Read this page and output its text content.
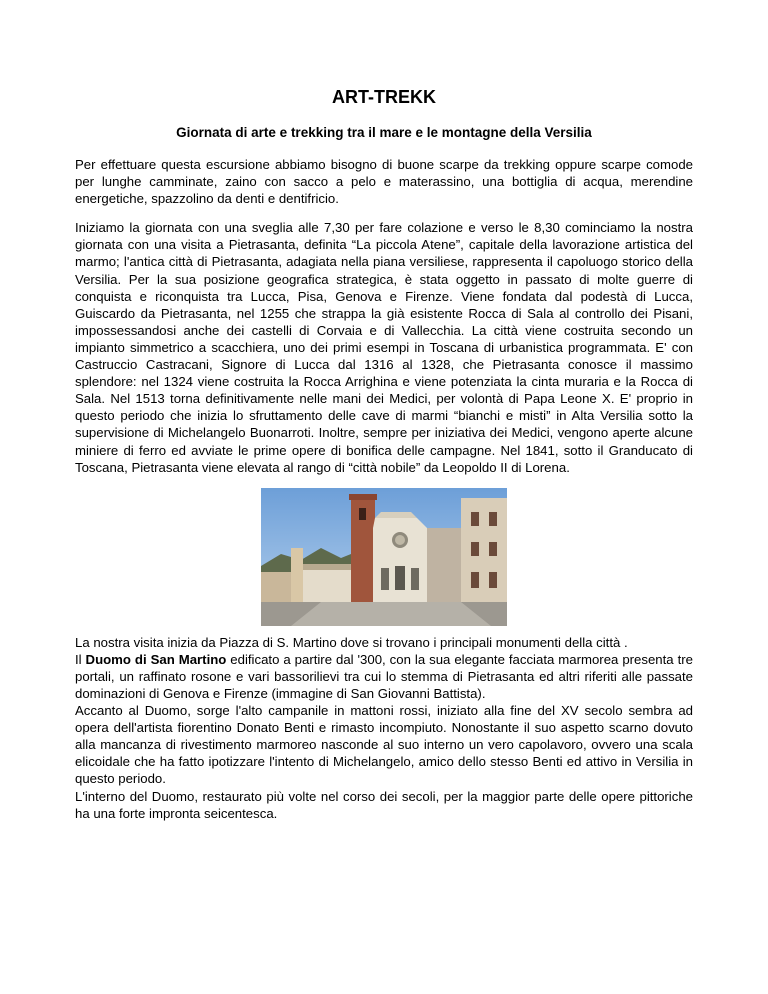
ART-TREKK
Giornata di arte e trekking tra il mare e le montagne della Versilia

Per effettuare questa escursione abbiamo bisogno di buone scarpe da trekking oppure scarpe comode per lunghe camminate, zaino con sacco a pelo e materassino, una bottiglia di acqua, merendine energetiche, spazzolino da denti e dentifricio.

Iniziamo la giornata con una sveglia alle 7,30 per fare colazione e verso le 8,30 cominciamo la nostra giornata con una visita a Pietrasanta, definita “La piccola Atene”, capitale della lavorazione artistica del marmo; l'antica città di Pietrasanta, adagiata nella piana versiliese, rappresenta il capoluogo storico della Versilia. Per la sua posizione geografica strategica, è stata oggetto in passato di molte guerre di conquista e riconquista tra Lucca, Pisa, Genova e Firenze. Viene fondata dal podestà di Lucca, Guiscardo da Pietrasanta, nel 1255 che strappa la già esistente Rocca di Sala al controllo dei Pisani, impossessandosi anche dei castelli di Corvaia e di Vallecchia. La città viene costruita secondo un impianto simmetrico a scacchiera, uno dei primi esempi in Toscana di urbanistica programmata. E' con Castruccio Castracani, Signore di Lucca dal 1316 al 1328, che Pietrasanta conosce il massimo splendore: nel 1324 viene costruita la Rocca Arrighina e viene potenziata la cinta muraria e la Rocca di Sala. Nel 1513 torna definitivamente nelle mani dei Medici, per volontà di Papa Leone X. E' proprio in questo periodo che inizia lo sfruttamento delle cave di marmi “bianchi e misti” in Alta Versilia sotto la supervisione di Michelangelo Buonarroti. Inoltre, sempre per iniziativa dei Medici, vengono aperte alcune miniere di ferro ed avviate le prime opere di bonifica delle campagne. Nel 1841, sotto il Granducato di Toscana, Pietrasanta viene elevata al rango di “città nobile” da Leopoldo II di Lorena.

La nostra visita inizia da Piazza di S. Martino dove si trovano i principali monumenti della città .

Il Duomo di San Martino edificato a partire dal '300, con la sua elegante facciata marmorea presenta tre portali, un raffinato rosone e vari bassorilievi tra cui lo stemma di Pietrasanta ed altri riferiti alle passate dominazioni di Genova e Firenze (immagine di San Giovanni Battista).

Accanto al Duomo, sorge l'alto campanile in mattoni rossi, iniziato alla fine del XV secolo sembra ad opera dell'artista fiorentino Donato Benti e rimasto incompiuto. Nonostante il suo aspetto scarno dovuto alla mancanza di rivestimento marmoreo nasconde al suo interno un vero capolavoro, ovvero una scala elicoidale che ha fatto ipotizzare l'intento di Michelangelo, amico dello stesso Benti ed attivo in Versilia in questo periodo.

L'interno del Duomo, restaurato più volte nel corso dei secoli, per la maggior parte delle opere pittoriche ha una forte impronta seicentesca.
